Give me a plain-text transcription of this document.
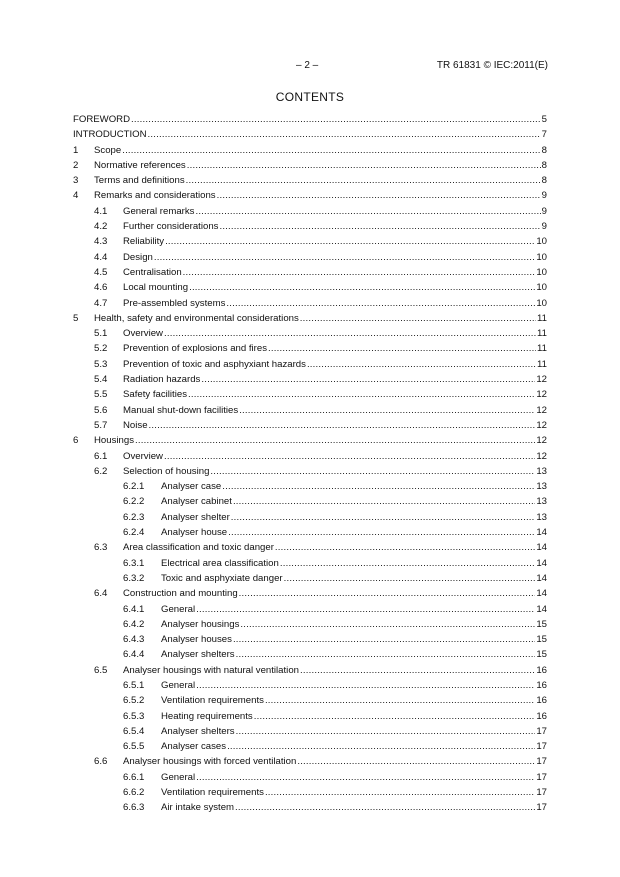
– 2 –	TR 61831 © IEC:2011(E)
CONTENTS
FOREWORD .....	5
INTRODUCTION .....	7
1	Scope .....	8
2	Normative references .....	8
3	Terms and definitions .....	8
4	Remarks and considerations .....	9
4.1	General remarks .....	9
4.2	Further considerations .....	9
4.3	Reliability .....	10
4.4	Design .....	10
4.5	Centralisation .....	10
4.6	Local mounting .....	10
4.7	Pre-assembled systems .....	10
5	Health, safety and environmental considerations .....	11
5.1	Overview .....	11
5.2	Prevention of explosions and fires .....	11
5.3	Prevention of toxic and asphyxiant hazards .....	11
5.4	Radiation hazards .....	12
5.5	Safety facilities .....	12
5.6	Manual shut-down facilities .....	12
5.7	Noise .....	12
6	Housings .....	12
6.1	Overview .....	12
6.2	Selection of housing .....	13
6.2.1	Analyser case .....	13
6.2.2	Analyser cabinet .....	13
6.2.3	Analyser shelter .....	13
6.2.4	Analyser house .....	14
6.3	Area classification and toxic danger .....	14
6.3.1	Electrical area classification .....	14
6.3.2	Toxic and asphyxiate danger .....	14
6.4	Construction and mounting .....	14
6.4.1	General .....	14
6.4.2	Analyser housings .....	15
6.4.3	Analyser houses .....	15
6.4.4	Analyser shelters .....	15
6.5	Analyser housings with natural ventilation .....	16
6.5.1	General .....	16
6.5.2	Ventilation requirements .....	16
6.5.3	Heating requirements .....	16
6.5.4	Analyser shelters .....	17
6.5.5	Analyser cases .....	17
6.6	Analyser housings with forced ventilation .....	17
6.6.1	General .....	17
6.6.2	Ventilation requirements .....	17
6.6.3	Air intake system .....	17
